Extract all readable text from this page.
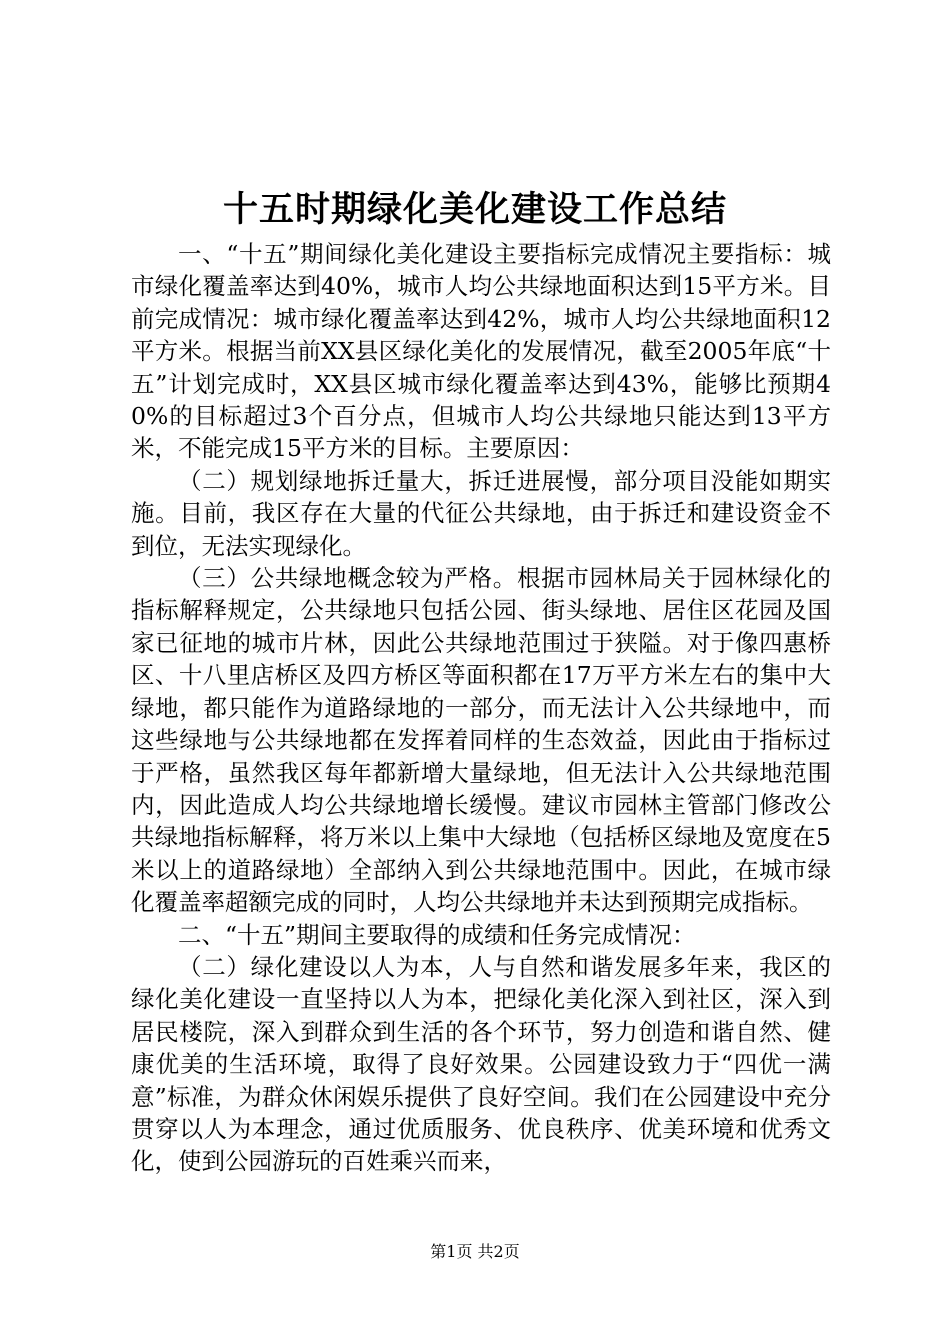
十五时期绿化美化建设工作总结

一、“十五”期间绿化美化建设主要指标完成情况主要指标：城市绿化覆盖率达到40%，城市人均公共绿地面积达到15平方米。目前完成情况：城市绿化覆盖率达到42%，城市人均公共绿地面积12平方米。根据当前XX县区绿化美化的发展情况，截至2005年底“十五”计划完成时，XX县区城市绿化覆盖率达到43%，能够比预期40%的目标超过3个百分点，但城市人均公共绿地只能达到13平方米，不能完成15平方米的目标。主要原因：

（二）规划绿地拆迁量大，拆迁进展慢，部分项目没能如期实施。目前，我区存在大量的代征公共绿地，由于拆迁和建设资金不到位，无法实现绿化。

（三）公共绿地概念较为严格。根据市园林局关于园林绿化的指标解释规定，公共绿地只包括公园、街头绿地、居住区花园及国家已征地的城市片林，因此公共绿地范围过于狭隘。对于像四惠桥区、十八里店桥区及四方桥区等面积都在17万平方米左右的集中大绿地，都只能作为道路绿地的一部分，而无法计入公共绿地中，而这些绿地与公共绿地都在发挥着同样的生态效益，因此由于指标过于严格，虽然我区每年都新增大量绿地，但无法计入公共绿地范围内，因此造成人均公共绿地增长缓慢。建议市园林主管部门修改公共绿地指标解释，将万米以上集中大绿地（包括桥区绿地及宽度在5米以上的道路绿地）全部纳入到公共绿地范围中。因此，在城市绿化覆盖率超额完成的同时，人均公共绿地并未达到预期完成指标。

二、“十五”期间主要取得的成绩和任务完成情况：

（二）绿化建设以人为本，人与自然和谐发展多年来，我区的绿化美化建设一直坚持以人为本，把绿化美化深入到社区，深入到居民楼院，深入到群众到生活的各个环节，努力创造和谐自然、健康优美的生活环境，取得了良好效果。公园建设致力于“四优一满意”标准，为群众休闲娱乐提供了良好空间。我们在公园建设中充分贯穿以人为本理念，通过优质服务、优良秩序、优美环境和优秀文化，使到公园游玩的百姓乘兴而来，

第1页 共2页
